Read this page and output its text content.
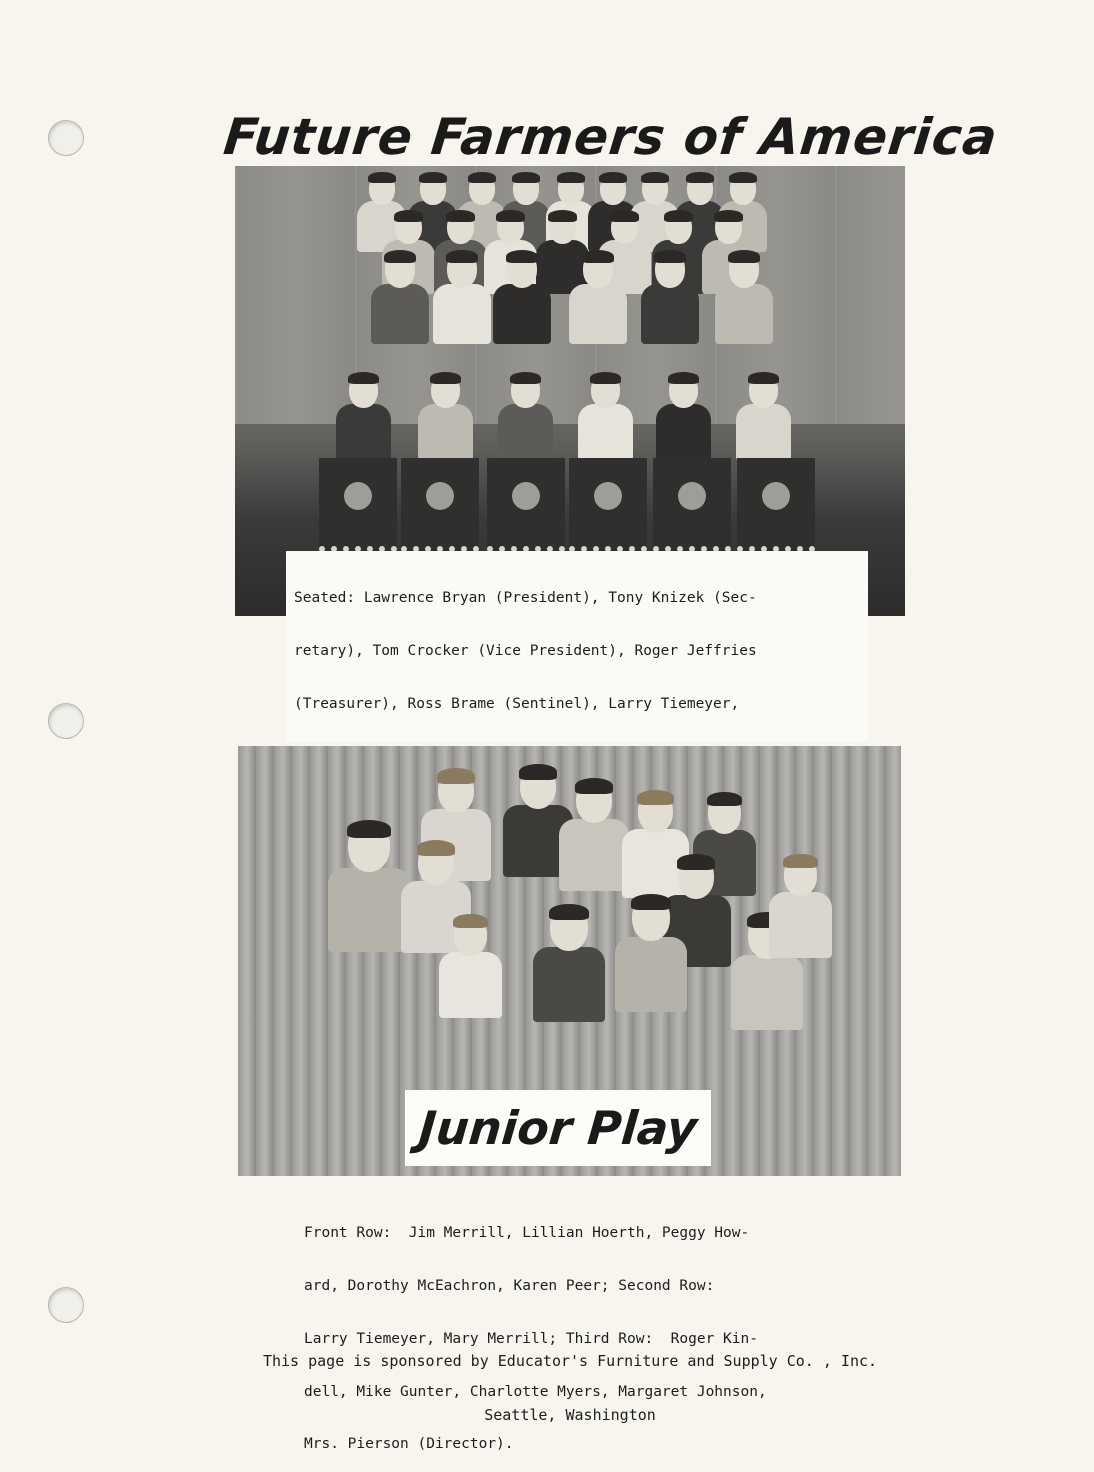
Future Farmers of America

Seated: Lawrence Bryan (President), Tony Knizek (Sec-

retary), Tom Crocker (Vice President), Roger Jeffries

(Treasurer), Ross Brame (Sentinel), Larry Tiemeyer,

Junior Play

Front Row:  Jim Merrill, Lillian Hoerth, Peggy How-

ard, Dorothy McEachron, Karen Peer; Second Row:

Larry Tiemeyer, Mary Merrill; Third Row:  Roger Kin-

dell, Mike Gunter, Charlotte Myers, Margaret Johnson,

Mrs. Pierson (Director).

This page is sponsored by Educator's Furniture and Supply Co. , Inc.

Seattle, Washington
